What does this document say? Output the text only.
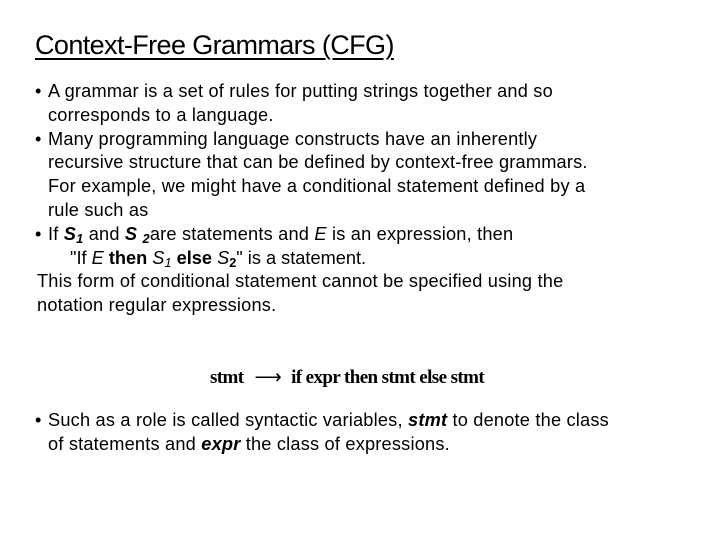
Context-Free Grammars (CFG)
• A grammar is a set of rules for putting strings together and so
corresponds to a language.
• Many programming language constructs have an inherently
recursive structure that can be defined by context-free grammars.
For example, we might have a conditional statement defined by a
rule such as
• If $S_1$ and S $_2$are statements and E is an expression, then
"If E then $S_1$ else $S_2$" is a statement.
This form of conditional statement cannot be specified using the
notation regular expressions.
stmt ⟶ if expr then stmt else stmt
• Such as a role is called syntactic variables, stmt to denote the class
of statements and expr the class of expressions.
